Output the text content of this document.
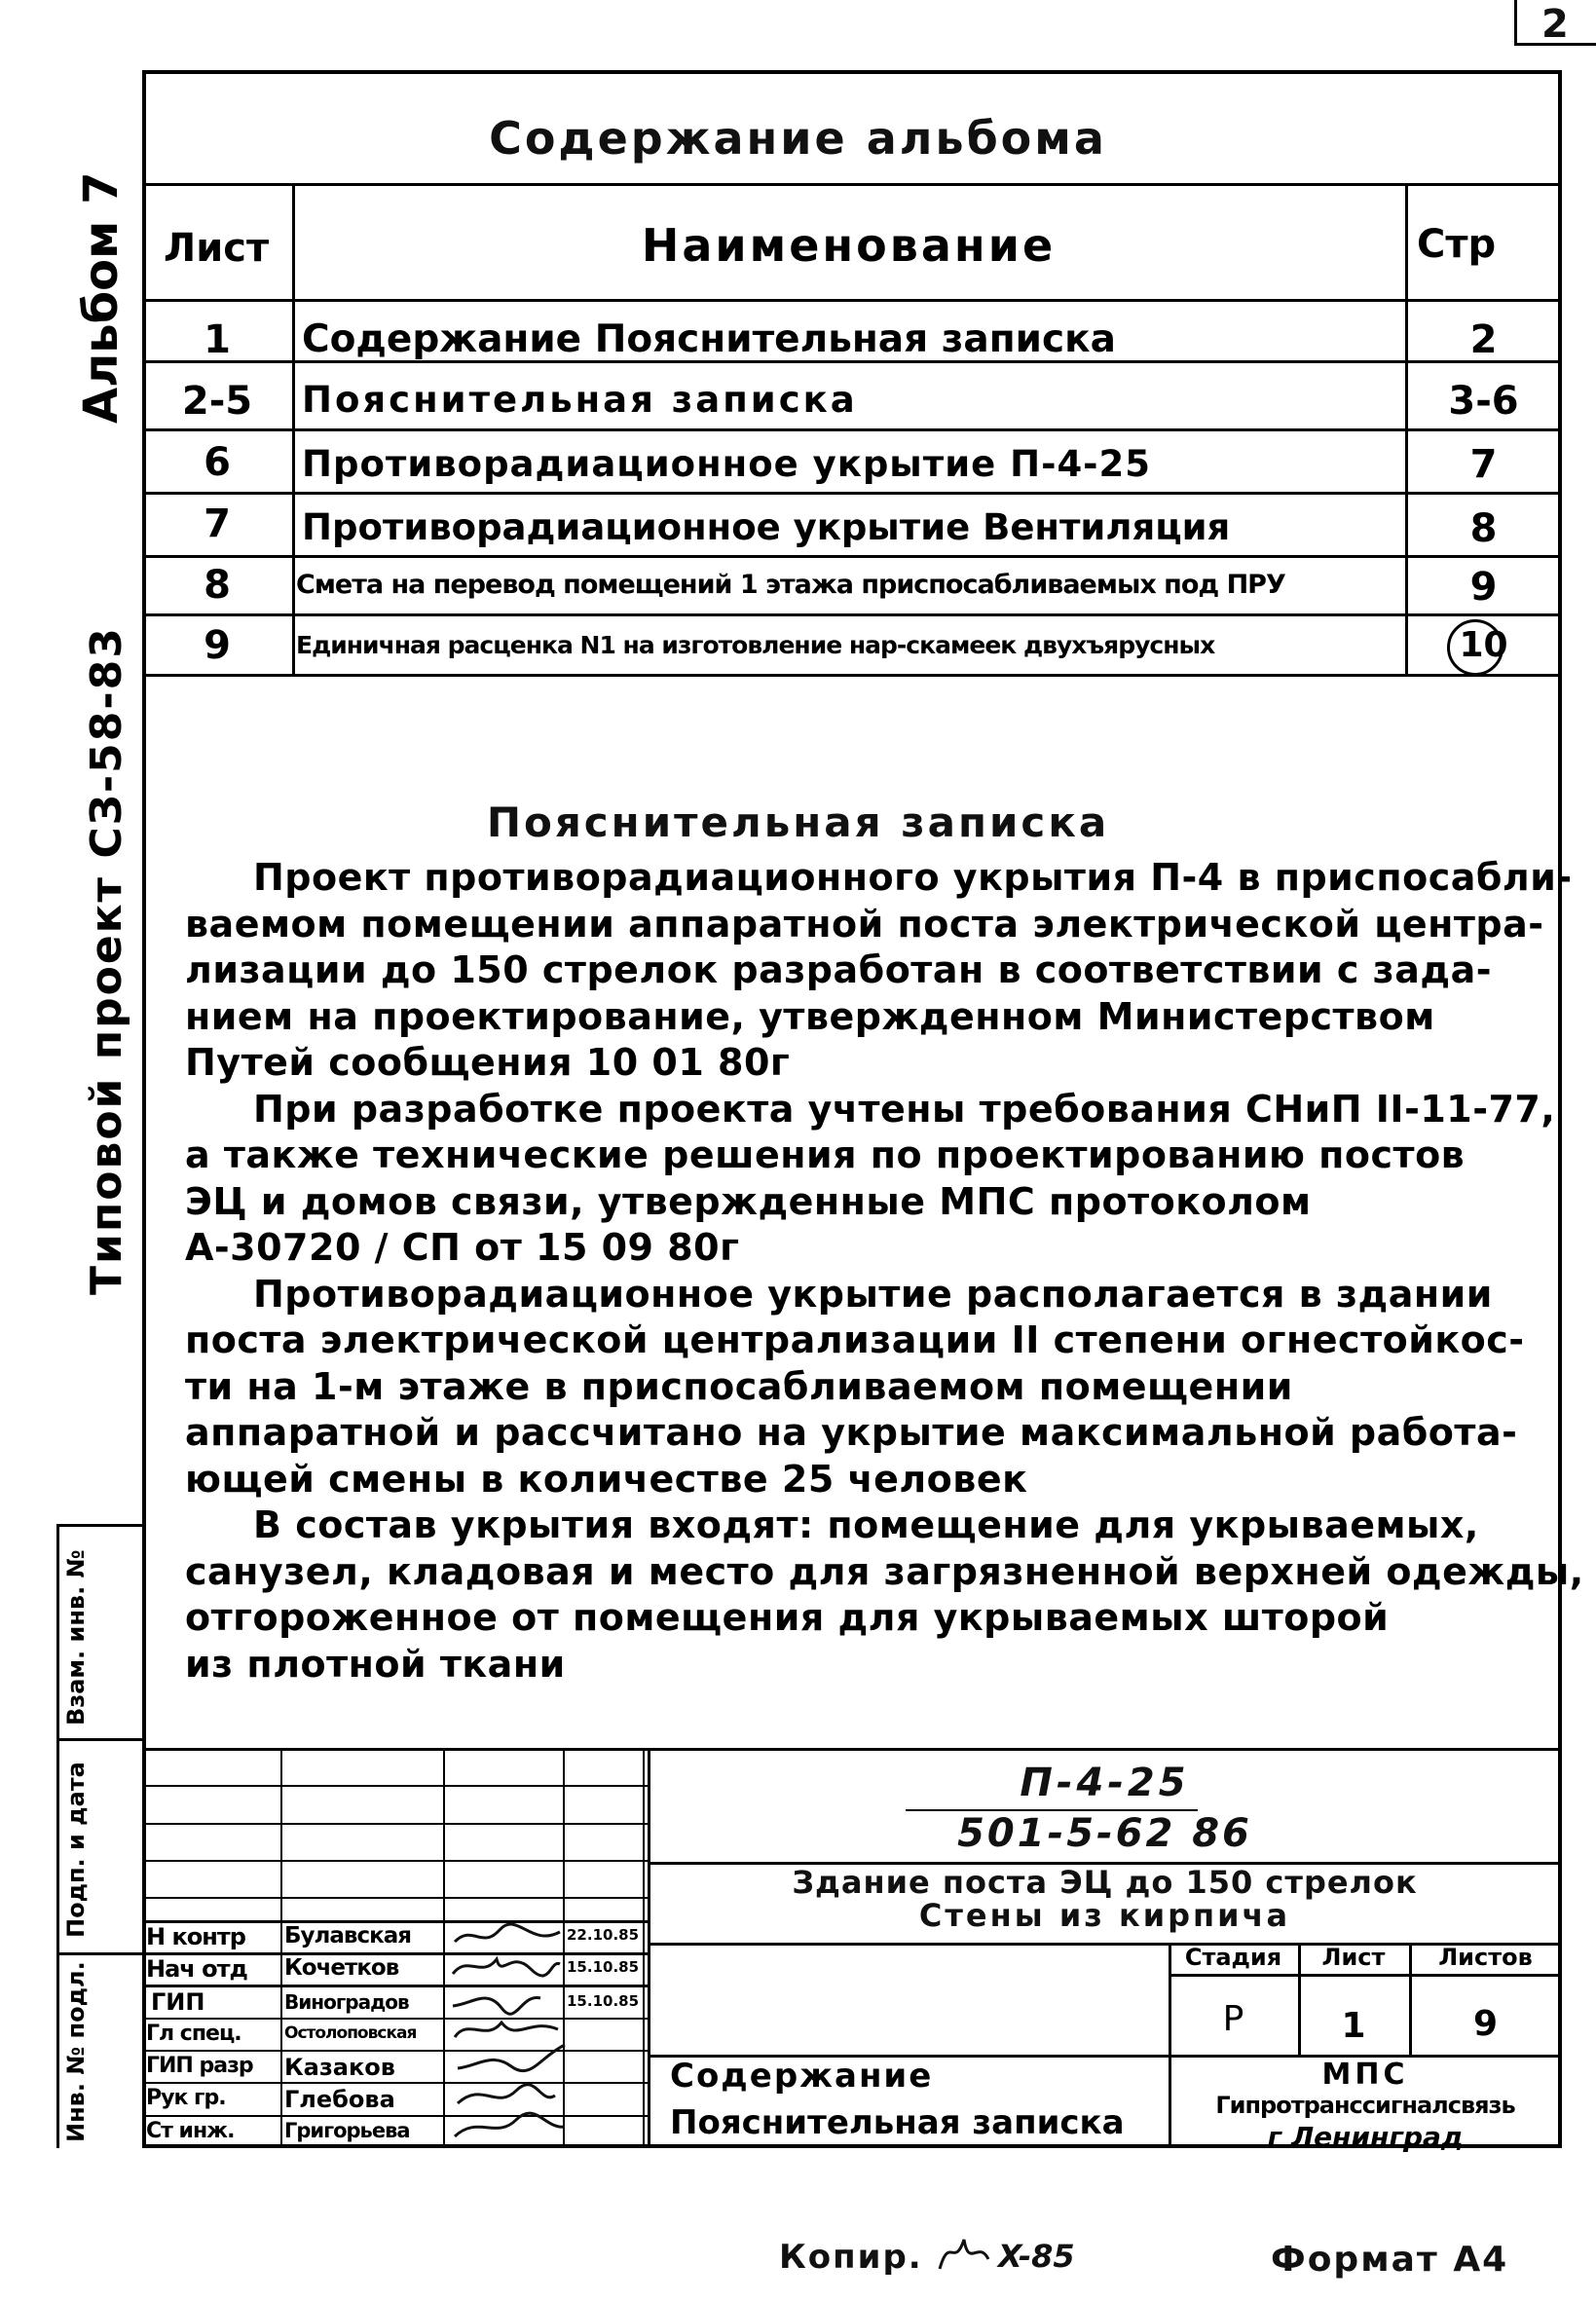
2
Альбом 7
Типовой проект СЗ-58-83
Взам. инв. №
Подп. и дата
Инв. № подл.
Содержание альбома
Лист	Наименование	Стр
1	Содержание Пояснительная записка	2
2-5	Пояснительная записка	3-6
6	Противорадиационное укрытие П-4-25	7
7	Противорадиационное укрытие Вентиляция	8
8	Смета на перевод помещений 1 этажа приспосабливаемых под ПРУ	9
9	Единичная расценка N1 на изготовление нар-скамеек двухъярусных	10
Пояснительная записка
Проект противорадиационного укрытия П-4 в приспосабли-
ваемом помещении аппаратной поста электрической центра-
лизации до 150 стрелок разработан в соответствии с зада-
нием на проектирование, утвержденном Министерством
Путей сообщения 10 01 80г
При разработке проекта учтены требования СНиП II-11-77,
а также технические решения по проектированию постов
ЭЦ и домов связи, утвержденные МПС протоколом
А-30720 / СП от 15 09 80г
Противорадиационное укрытие располагается в здании
поста электрической централизации II степени огнестойкос-
ти на 1-м этаже в приспосабливаемом помещении
аппаратной и рассчитано на укрытие максимальной работа-
ющей смены в количестве 25 человек
В состав укрытия входят: помещение для укрываемых,
санузел, кладовая и место для загрязненной верхней одежды,
отгороженное от помещения для укрываемых шторой
из плотной ткани
Н контр Булавская	22.10.85
Нач отд Кочетков	15.10.85
ГИП	Виноградов	15.10.85
Гл спец.	Остолоповская
ГИП разр Казаков
Рук гр.	Глебова
Ст инж. Григорьева
П-4-25
501-5-62 86
Здание поста ЭЦ до 150 стрелок
Стены из кирпича
Стадия	Лист	Листов
Р	1	9
Содержание
Пояснительная записка
МПС
Гипротранссигналсвязь
г Ленинград
Копир. X-85	Формат А4
